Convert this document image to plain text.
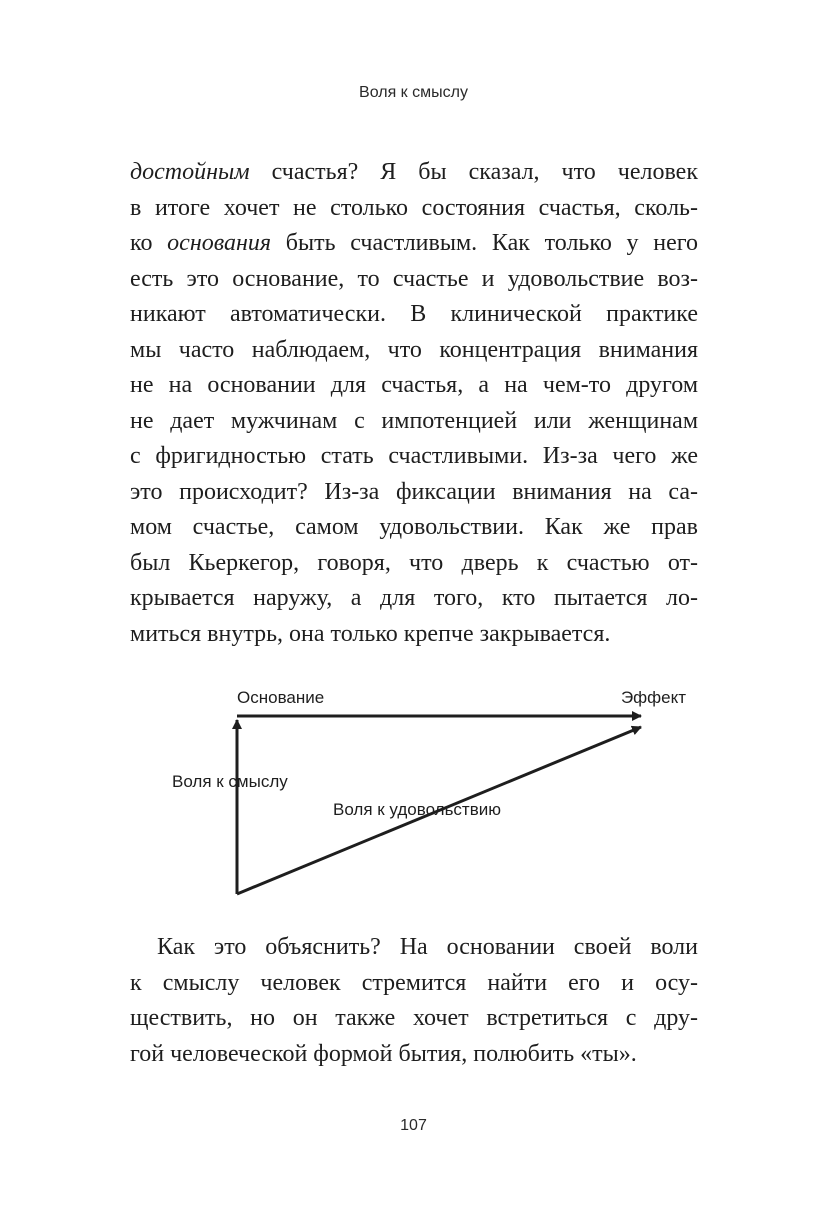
Воля к смыслу
достойным счастья? Я бы сказал, что человек
в итоге хочет не столько состояния счастья, сколь-
ко основания быть счастливым. Как только у него
есть это основание, то счастье и удовольствие воз-
никают автоматически. В клинической практике
мы часто наблюдаем, что концентрация внимания
не на основании для счастья, а на чем-то другом
не дает мужчинам с импотенцией или женщинам
с фригидностью стать счастливыми. Из-за чего же
это происходит? Из-за фиксации внимания на са-
мом счастье, самом удовольствии. Как же прав
был Кьеркегор, говоря, что дверь к счастью от-
крывается наружу, а для того, кто пытается ло-
миться внутрь, она только крепче закрывается.
Основание	Эффект
Воля к смыслу
Воля к удовольствию
Как это объяснить? На основании своей воли
к смыслу человек стремится найти его и осу-
ществить, но он также хочет встретиться с дру-
гой человеческой формой бытия, полюбить «ты».
107
